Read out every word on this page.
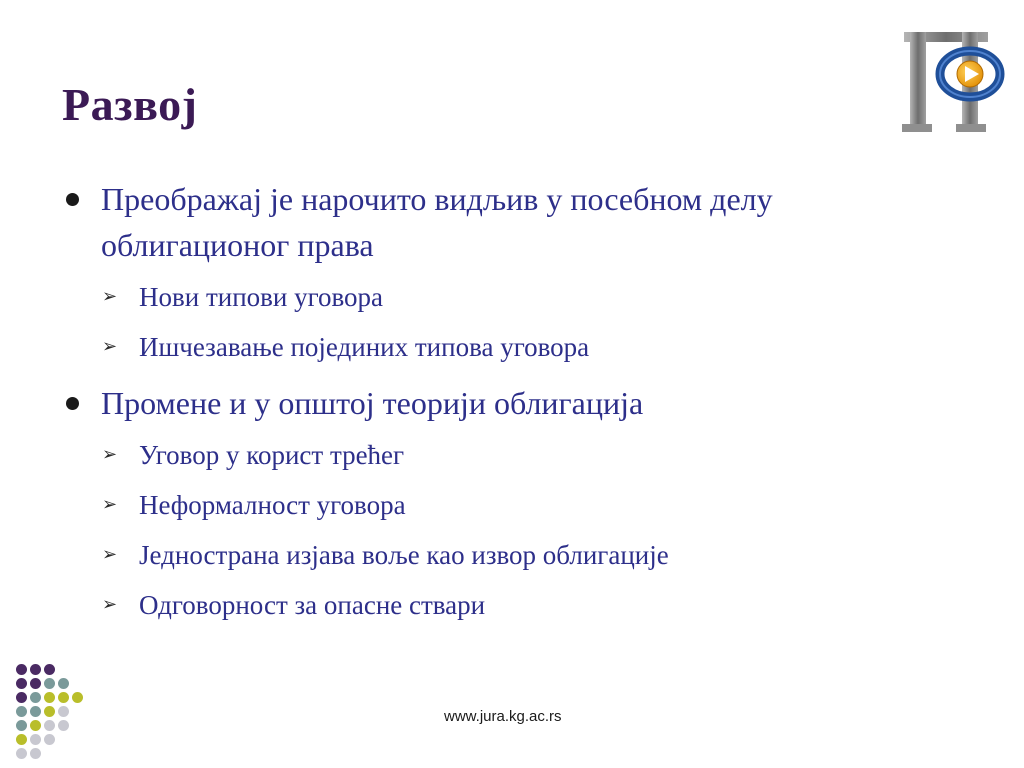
Развој
Преображај је нарочито видљив у посебном делу облигационог права
➢ Нови типови уговора
➢ Ишчезавање појединих типова уговора
Промене и у општој теорији облигација
➢ Уговор у корист трећег
➢ Неформалност уговора
➢ Једнострана изјава воље као извор облигације
➢ Одговорност за опасне ствари
www.jura.kg.ac.rs
